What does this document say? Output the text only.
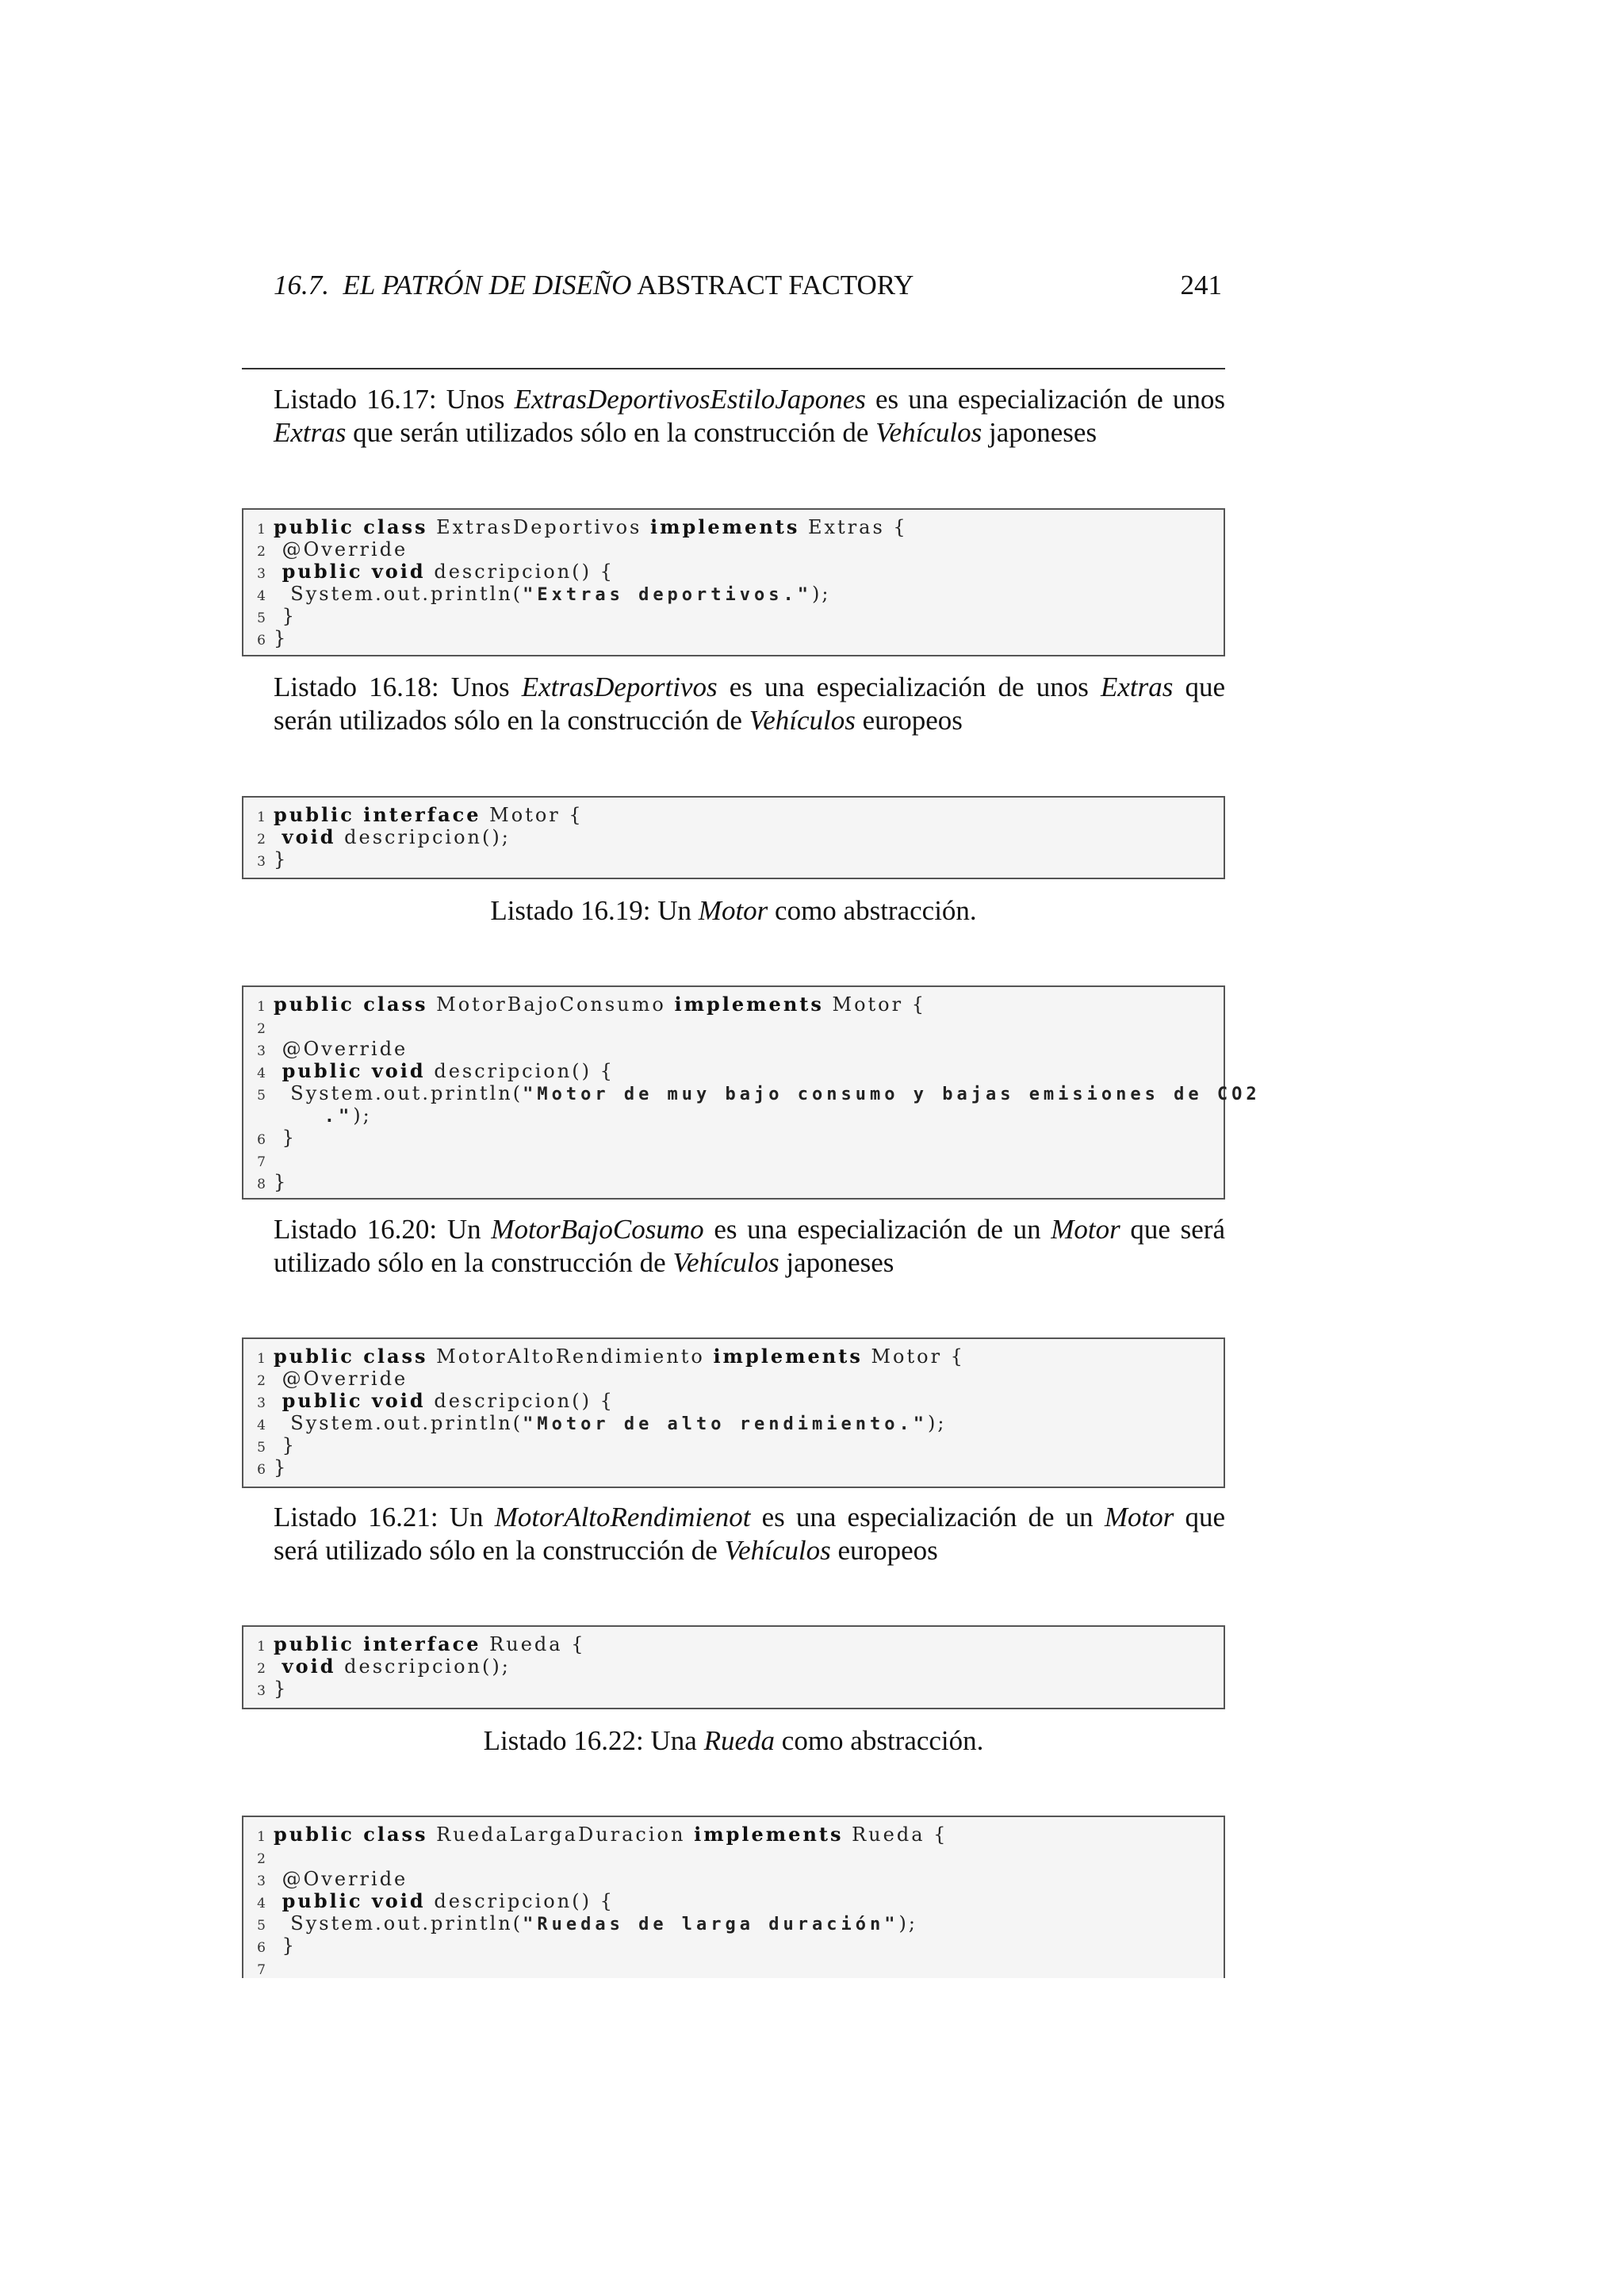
16.7. EL PATRÓN DE DISEÑO ABSTRACT FACTORY	241
Listado 16.17: Unos ExtrasDeportivosEstiloJapones es una especialización de unos Extras que serán utilizados sólo en la construcción de Vehículos japoneses
1 public class ExtrasDeportivos implements Extras {
2 @Override
3 public void descripcion() {
4  System.out.println("Extras deportivos.");
5 }
6 }
Listado 16.18: Unos ExtrasDeportivos es una especialización de unos Extras que serán utilizados sólo en la construcción de Vehículos europeos
1 public interface Motor {
2 void descripcion();
3 }
Listado 16.19: Un Motor como abstracción.
1 public class MotorBajoConsumo implements Motor {
2
3 @Override
4 public void descripcion() {
5  System.out.println("Motor de muy bajo consumo y bajas emisiones de CO2
.");
6 }
7
8 }
Listado 16.20: Un MotorBajoCosumo es una especialización de un Motor que será utilizado sólo en la construcción de Vehículos japoneses
1 public class MotorAltoRendimiento implements Motor {
2 @Override
3 public void descripcion() {
4  System.out.println("Motor de alto rendimiento.");
5 }
6 }
Listado 16.21: Un MotorAltoRendimienot es una especialización de un Motor que será utilizado sólo en la construcción de Vehículos europeos
1 public interface Rueda {
2 void descripcion();
3 }
Listado 16.22: Una Rueda como abstracción.
1 public class RuedaLargaDuracion implements Rueda {
2
3 @Override
4 public void descripcion() {
5  System.out.println("Ruedas de larga duración");
6 }
7
